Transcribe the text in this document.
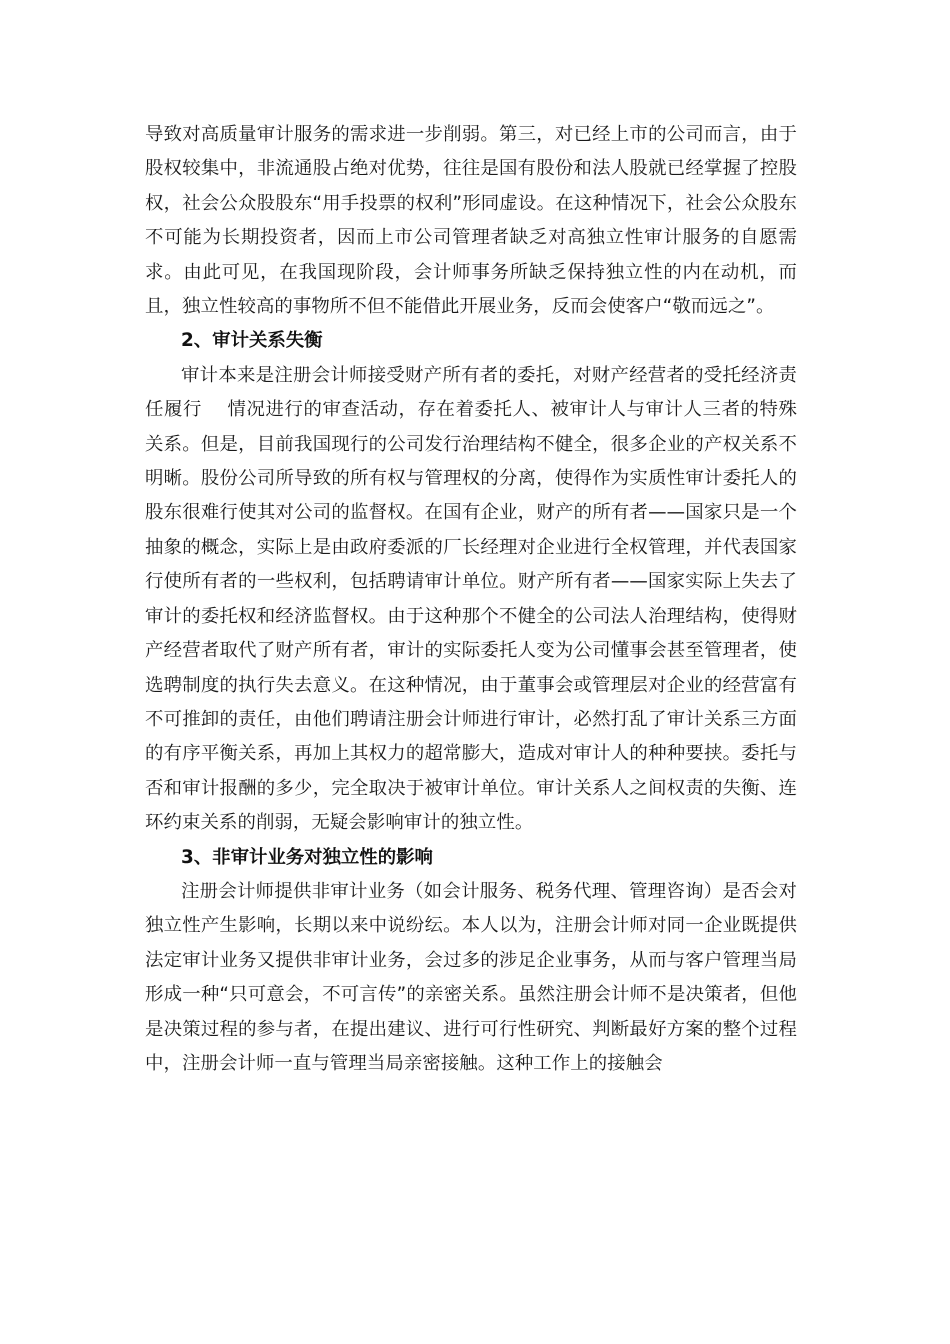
导致对高质量审计服务的需求进一步削弱。第三，对已经上市的公司而言，由于股权较集中，非流通股占绝对优势，往往是国有股份和法人股就已经掌握了控股权，社会公众股股东“用手投票的权利”形同虚设。在这种情况下，社会公众股东不可能为长期投资者，因而上市公司管理者缺乏对高独立性审计服务的自愿需求。由此可见，在我国现阶段，会计师事务所缺乏保持独立性的内在动机，而且，独立性较高的事物所不但不能借此开展业务，反而会使客户“敬而远之”。

2、审计关系失衡

审计本来是注册会计师接受财产所有者的委托，对财产经营者的受托经济责任履行　 情况进行的审查活动，存在着委托人、被审计人与审计人三者的特殊关系。但是，目前我国现行的公司发行治理结构不健全，很多企业的产权关系不明晰。股份公司所导致的所有权与管理权的分离，使得作为实质性审计委托人的股东很难行使其对公司的监督权。在国有企业，财产的所有者——国家只是一个抽象的概念，实际上是由政府委派的厂长经理对企业进行全权管理，并代表国家行使所有者的一些权利，包括聘请审计单位。财产所有者——国家实际上失去了审计的委托权和经济监督权。由于这种那个不健全的公司法人治理结构，使得财产经营者取代了财产所有者，审计的实际委托人变为公司懂事会甚至管理者，使选聘制度的执行失去意义。在这种情况，由于董事会或管理层对企业的经营富有不可推卸的责任，由他们聘请注册会计师进行审计，必然打乱了审计关系三方面的有序平衡关系，再加上其权力的超常膨大，造成对审计人的种种要挟。委托与否和审计报酬的多少，完全取决于被审计单位。审计关系人之间权责的失衡、连环约束关系的削弱，无疑会影响审计的独立性。

3、非审计业务对独立性的影响

注册会计师提供非审计业务（如会计服务、税务代理、管理咨询）是否会对独立性产生影响，长期以来中说纷纭。本人以为，注册会计师对同一企业既提供法定审计业务又提供非审计业务，会过多的涉足企业事务，从而与客户管理当局形成一种“只可意会，不可言传”的亲密关系。虽然注册会计师不是决策者，但他是决策过程的参与者，在提出建议、进行可行性研究、判断最好方案的整个过程中，注册会计师一直与管理当局亲密接触。这种工作上的接触会
